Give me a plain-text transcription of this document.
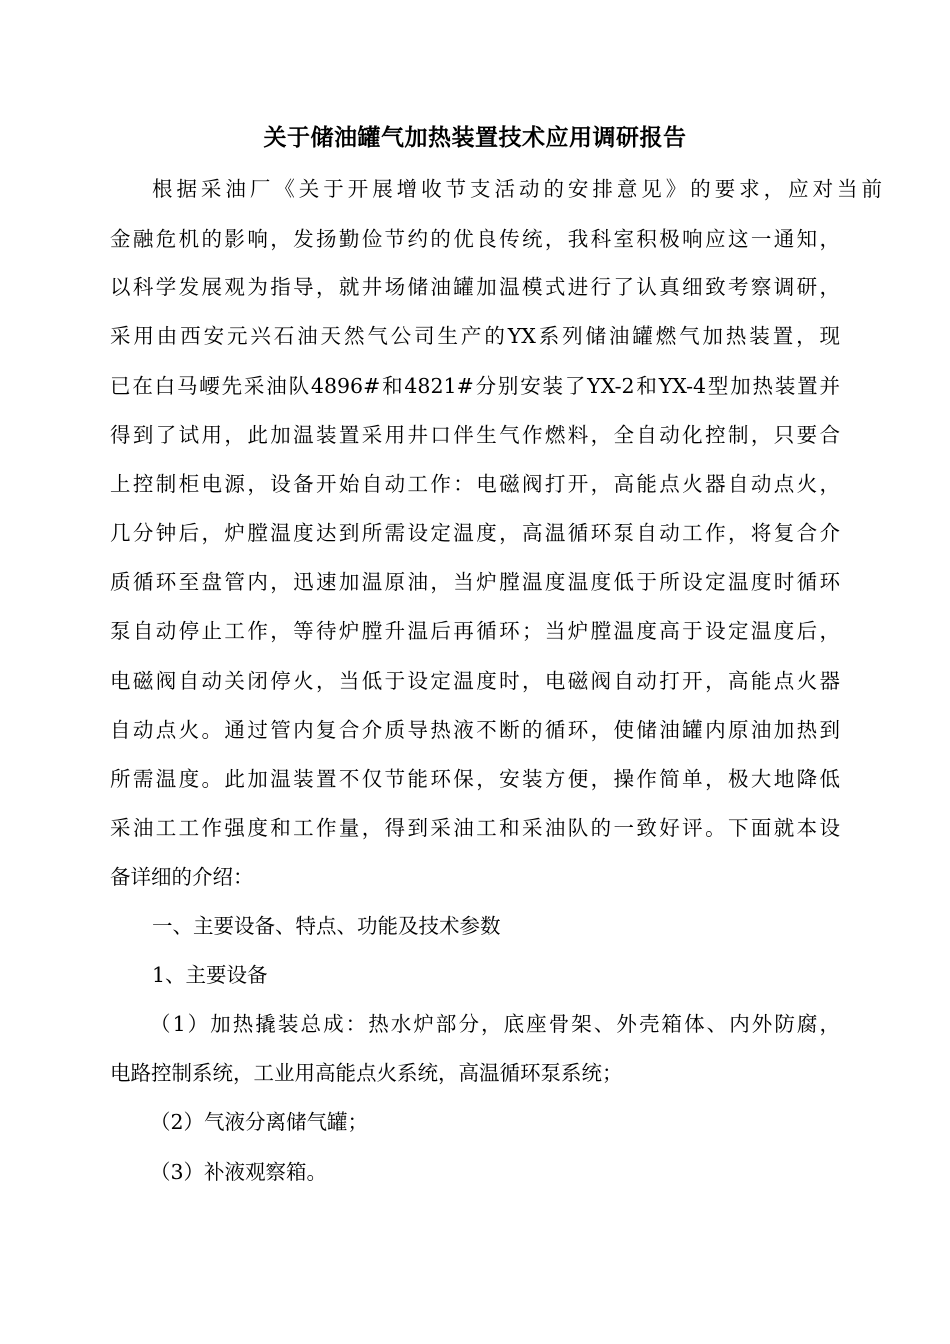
关于储油罐气加热装置技术应用调研报告
根据采油厂《关于开展增收节支活动的安排意见》的要求，应对当前
金融危机的影响，发扬勤俭节约的优良传统，我科室积极响应这一通知，
以科学发展观为指导，就井场储油罐加温模式进行了认真细致考察调研，
采用由西安元兴石油天然气公司生产的YX系列储油罐燃气加热装置，现
已在白马崾先采油队4896#和4821#分别安装了YX-2和YX-4型加热装置并
得到了试用，此加温装置采用井口伴生气作燃料，全自动化控制，只要合
上控制柜电源，设备开始自动工作：电磁阀打开，高能点火器自动点火，
几分钟后，炉膛温度达到所需设定温度，高温循环泵自动工作，将复合介
质循环至盘管内，迅速加温原油，当炉膛温度温度低于所设定温度时循环
泵自动停止工作，等待炉膛升温后再循环；当炉膛温度高于设定温度后，
电磁阀自动关闭停火，当低于设定温度时，电磁阀自动打开，高能点火器
自动点火。通过管内复合介质导热液不断的循环，使储油罐内原油加热到
所需温度。此加温装置不仅节能环保，安装方便，操作简单，极大地降低
采油工工作强度和工作量，得到采油工和采油队的一致好评。下面就本设
备详细的介绍：
一、主要设备、特点、功能及技术参数
1、主要设备
（1）加热撬装总成：热水炉部分，底座骨架、外壳箱体、内外防腐，
电路控制系统，工业用高能点火系统，高温循环泵系统；
（2）气液分离储气罐；
（3）补液观察箱。
